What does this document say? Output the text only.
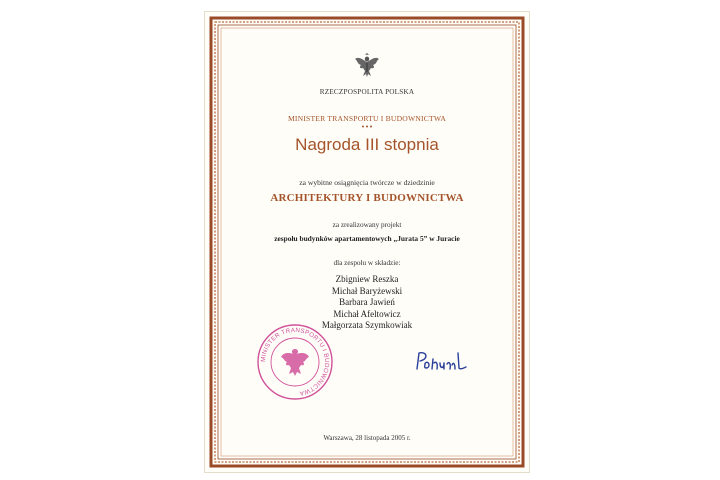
RZECZPOSPOLITA POLSKA
MINISTER TRANSPORTU I BUDOWNICTWA
Nagroda III stopnia
za wybitne osiągnięcia twórcze w dziedzinie
ARCHITEKTURY I BUDOWNICTWA
za zrealizowany projekt
zespołu budynków apartamentowych „Jurata 5” w Juracie
dla zespołu w składzie:
Zbigniew Reszka
Michał Baryżewski
Barbara Jawień
Michał Afeltowicz
Małgorzata Szymkowiak
MINISTER TRANSPORTU I BUDOWNICTWA
Warszawa, 28 listopada 2005 r.
